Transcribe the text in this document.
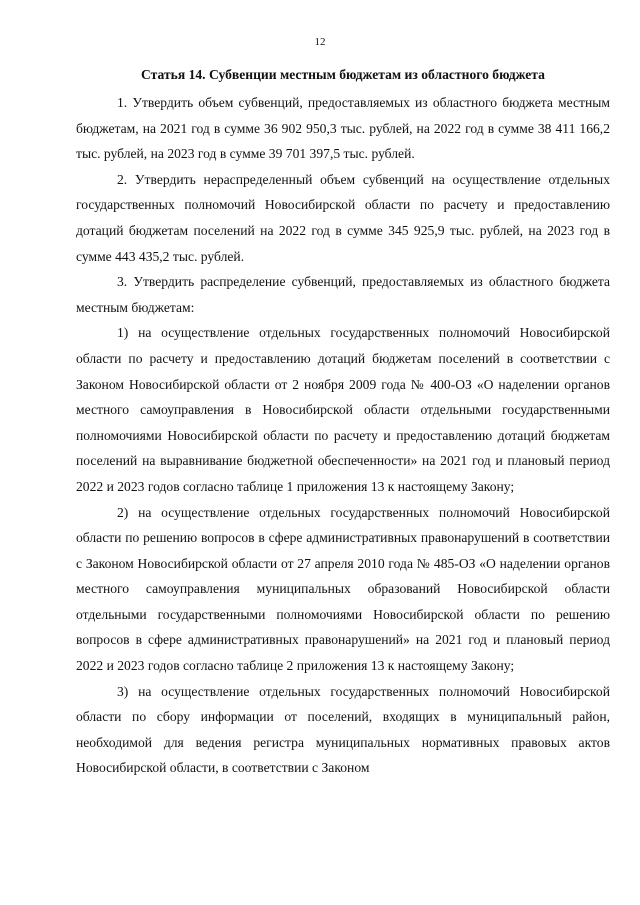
12
Статья 14. Субвенции местным бюджетам из областного бюджета

1. Утвердить объем субвенций, предоставляемых из областного бюджета местным бюджетам, на 2021 год в сумме 36 902 950,3 тыс. рублей, на 2022 год в сумме 38 411 166,2 тыс. рублей, на 2023 год в сумме 39 701 397,5 тыс. рублей.

2. Утвердить нераспределенный объем субвенций на осуществление отдельных государственных полномочий Новосибирской области по расчету и предоставлению дотаций бюджетам поселений на 2022 год в сумме 345 925,9 тыс. рублей, на 2023 год в сумме 443 435,2 тыс. рублей.

3. Утвердить распределение субвенций, предоставляемых из областного бюджета местным бюджетам:

1) на осуществление отдельных государственных полномочий Новосибирской области по расчету и предоставлению дотаций бюджетам поселений в соответствии с Законом Новосибирской области от 2 ноября 2009 года № 400-ОЗ «О наделении органов местного самоуправления в Новосибирской области отдельными государственными полномочиями Новосибирской области по расчету и предоставлению дотаций бюджетам поселений на выравнивание бюджетной обеспеченности» на 2021 год и плановый период 2022 и 2023 годов согласно таблице 1 приложения 13 к настоящему Закону;

2) на осуществление отдельных государственных полномочий Новосибирской области по решению вопросов в сфере административных правонарушений в соответствии с Законом Новосибирской области от 27 апреля 2010 года № 485-ОЗ «О наделении органов местного самоуправления муниципальных образований Новосибирской области отдельными государственными полномочиями Новосибирской области по решению вопросов в сфере административных правонарушений» на 2021 год и плановый период 2022 и 2023 годов согласно таблице 2 приложения 13 к настоящему Закону;

3) на осуществление отдельных государственных полномочий Новосибирской области по сбору информации от поселений, входящих в муниципальный район, необходимой для ведения регистра муниципальных нормативных правовых актов Новосибирской области, в соответствии с Законом
